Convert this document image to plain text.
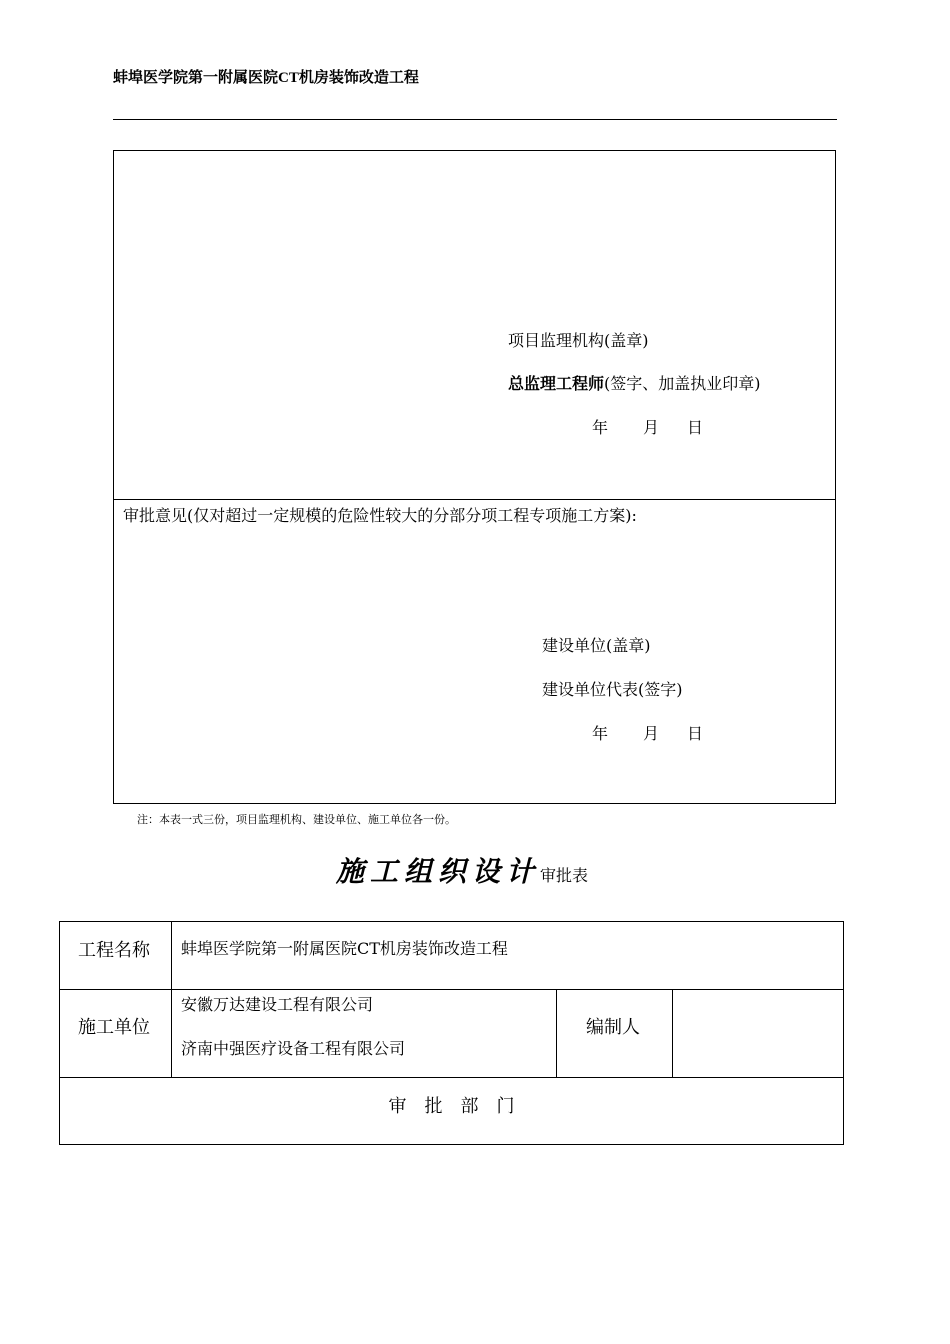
蚌埠医学院第一附属医院CT机房装饰改造工程
项目监理机构(盖章)
总监理工程师(签字、加盖执业印章)
年 月 日
审批意见(仅对超过一定规模的危险性较大的分部分项工程专项施工方案):
建设单位(盖章)
建设单位代表(签字)
年 月 日
注：本表一式三份，项目监理机构、建设单位、施工单位各一份。
施工组织设计审批表
工程名称 蚌埠医学院第一附属医院CT机房装饰改造工程
施工单位
安徽万达建设工程有限公司
济南中强医疗设备工程有限公司
编制人
审　批　部　门
